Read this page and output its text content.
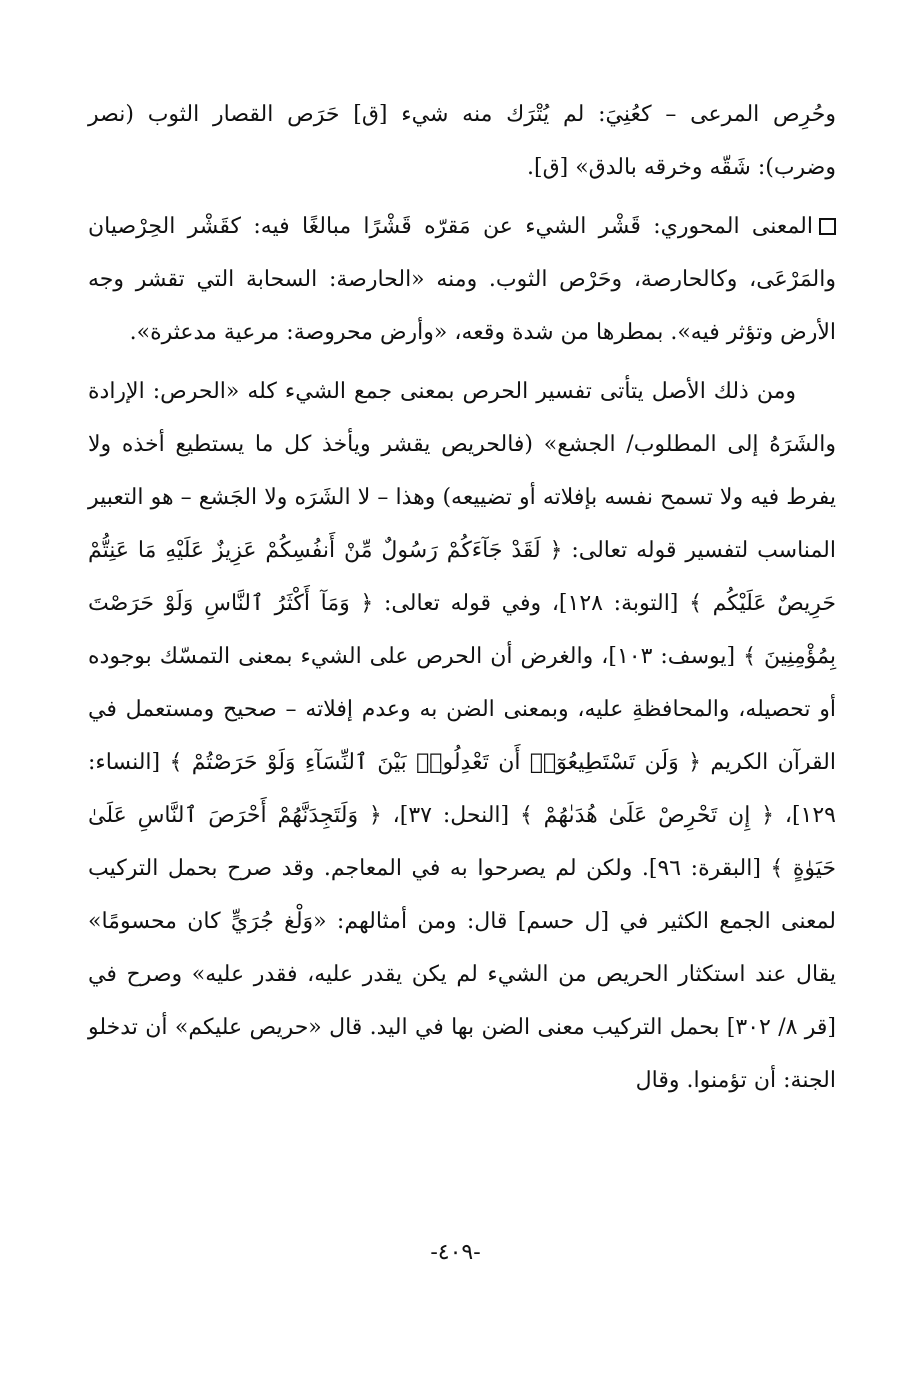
وحُرِص المرعى – كعُنِيَ: لم يُتْرَك منه شيء [ق] حَرَص القصار الثوب (نصر وضرب): شَقّه وخرقه بالدق» [ق].

المعنى المحوري: قَشْر الشيء عن مَقرّه قَشْرًا مبالغًا فيه: كقَشْر الحِرْصيان والمَرْعَى، وكالحارصة، وحَرْص الثوب. ومنه «الحارصة: السحابة التي تقشر وجه الأرض وتؤثر فيه». بمطرها من شدة وقعه، «وأرض محروصة: مرعية مدعثرة».

ومن ذلك الأصل يتأتى تفسير الحرص بمعنى جمع الشيء كله «الحرص: الإرادة والشَرَهُ إلى المطلوب/ الجشع» (فالحريص يقشر ويأخذ كل ما يستطيع أخذه ولا يفرط فيه ولا تسمح نفسه بإفلاته أو تضييعه) وهذا – لا الشَرَه ولا الجَشع – هو التعبير المناسب لتفسير قوله تعالى: ﴿ لَقَدْ جَآءَكُمْ رَسُولٌ مِّنْ أَنفُسِكُمْ عَزِيزٌ عَلَيْهِ مَا عَنِتُّمْ حَرِيصٌ عَلَيْكُم ﴾ [التوبة: ١٢٨]، وفي قوله تعالى: ﴿ وَمَآ أَكْثَرُ ٱلنَّاسِ وَلَوْ حَرَصْتَ بِمُؤْمِنِينَ ﴾ [يوسف: ١٠٣]، والغرض أن الحرص على الشيء بمعنى التمسّك بوجوده أو تحصيله، والمحافظةِ عليه، وبمعنى الضن به وعدم إفلاته – صحيح ومستعمل في القرآن الكريم ﴿ وَلَن تَسْتَطِيعُوٓا۟ أَن تَعْدِلُوا۟ بَيْنَ ٱلنِّسَآءِ وَلَوْ حَرَصْتُمْ ﴾ [النساء: ١٢٩]، ﴿ إِن تَحْرِصْ عَلَىٰ هُدَىٰهُمْ ﴾ [النحل: ٣٧]، ﴿ وَلَتَجِدَنَّهُمْ أَحْرَصَ ٱلنَّاسِ عَلَىٰ حَيَوٰةٍ ﴾ [البقرة: ٩٦]. ولكن لم يصرحوا به في المعاجم. وقد صرح بحمل التركيب لمعنى الجمع الكثير في [ل حسم] قال: ومن أمثالهم: «وَلْغ جُرَيٍّ كان محسومًا» يقال عند استكثار الحريص من الشيء لم يكن يقدر عليه، فقدر عليه» وصرح في [قر ٨/ ٣٠٢] بحمل التركيب معنى الضن بها في اليد. قال «حريص عليكم» أن تدخلو الجنة: أن تؤمنوا. وقال

-٤٠٩-
